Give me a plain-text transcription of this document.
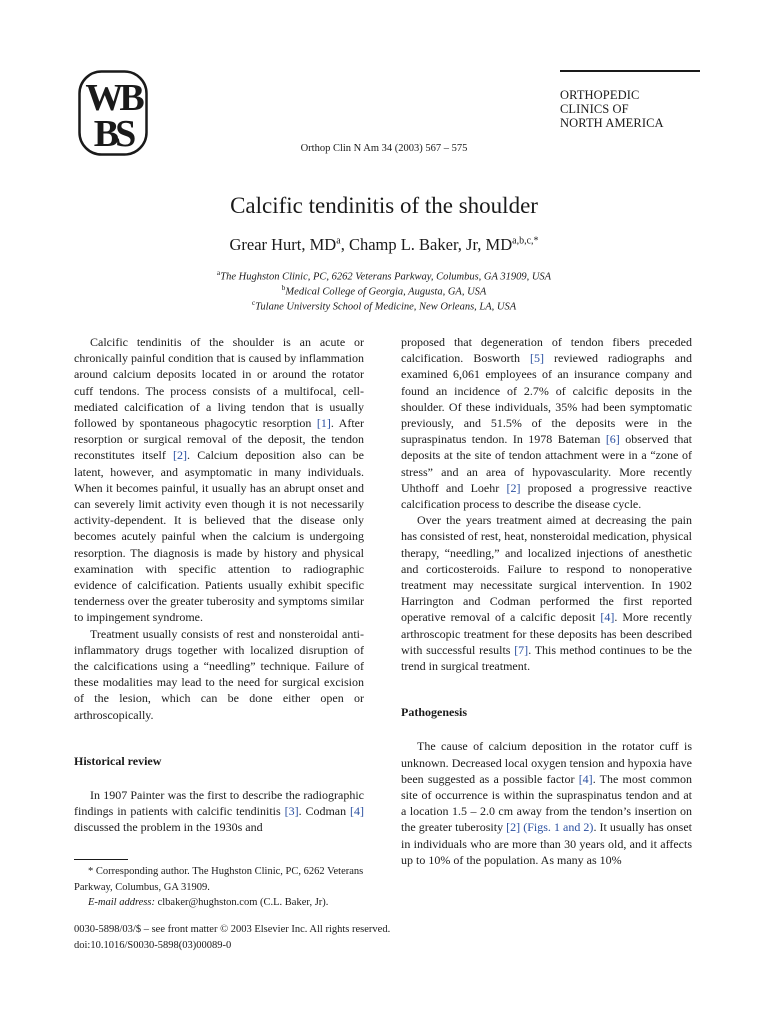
WB
BS
ORTHOPEDIC
CLINICS OF
NORTH AMERICA
Orthop Clin N Am 34 (2003) 567 – 575
Calcific tendinitis of the shoulder
Grear Hurt, $MD^a$, Champ L. Baker, Jr, $MD^{a,b,c,*}$
$^a$The Hughston Clinic, PC, 6262 Veterans Parkway, Columbus, GA 31909, USA
$^b$Medical College of Georgia, Augusta, GA, USA
$^c$Tulane University School of Medicine, New Orleans, LA, USA

Calcific tendinitis of the shoulder is an acute or chronically painful condition that is caused by inflammation around calcium deposits located in or around the rotator cuff tendons. The process consists of a multifocal, cell-mediated calcification of a living tendon that is usually followed by spontaneous phagocytic resorption [1]. After resorption or surgical removal of the deposit, the tendon reconstitutes itself [2]. Calcium deposition also can be latent, however, and asymptomatic in many individuals. When it becomes painful, it usually has an abrupt onset and can severely limit activity even though it is not necessarily activity-dependent. It is believed that the disease only becomes acutely painful when the calcium is undergoing resorption. The diagnosis is made by history and physical examination with specific attention to radiographic evidence of calcification. Patients usually exhibit specific tenderness over the greater tuberosity and symptoms similar to impingement syndrome.

Treatment usually consists of rest and nonsteroidal anti-inflammatory drugs together with localized disruption of the calcifications using a “needling” technique. Failure of these modalities may lead to the need for surgical excision of the lesion, which can be done either open or arthroscopically.

Historical review

In 1907 Painter was the first to describe the radiographic findings in patients with calcific tendinitis [3]. Codman [4] discussed the problem in the 1930s and

proposed that degeneration of tendon fibers preceded calcification. Bosworth [5] reviewed radiographs and examined 6,061 employees of an insurance company and found an incidence of 2.7% of calcific deposits in the shoulder. Of these individuals, 35% had been symptomatic previously, and 51.5% of the deposits were in the supraspinatus tendon. In 1978 Bateman [6] observed that deposits at the site of tendon attachment were in a “zone of stress” and an area of hypovascularity. More recently Uhthoff and Loehr [2] proposed a progressive reactive calcification process to describe the disease cycle.

Over the years treatment aimed at decreasing the pain has consisted of rest, heat, nonsteroidal medication, physical therapy, “needling,” and localized injections of anesthetic and corticosteroids. Failure to respond to nonoperative treatment may necessitate surgical intervention. In 1902 Harrington and Codman performed the first reported operative removal of a calcific deposit [4]. More recently arthroscopic treatment for these deposits has been described with successful results [7]. This method continues to be the trend in surgical treatment.

Pathogenesis

The cause of calcium deposition in the rotator cuff is unknown. Decreased local oxygen tension and hypoxia have been suggested as a possible factor [4]. The most common site of occurrence is within the supraspinatus tendon and at a location 1.5 – 2.0 cm away from the tendon’s insertion on the greater tuberosity [2] (Figs. 1 and 2). It usually has onset in individuals who are more than 30 years old, and it affects up to 10% of the population. As many as 10%

* Corresponding author. The Hughston Clinic, PC, 6262 Veterans Parkway, Columbus, GA 31909.

E-mail address: clbaker@hughston.com (C.L. Baker, Jr).

0030-5898/03/$ – see front matter © 2003 Elsevier Inc. All rights reserved.
doi:10.1016/S0030-5898(03)00089-0
